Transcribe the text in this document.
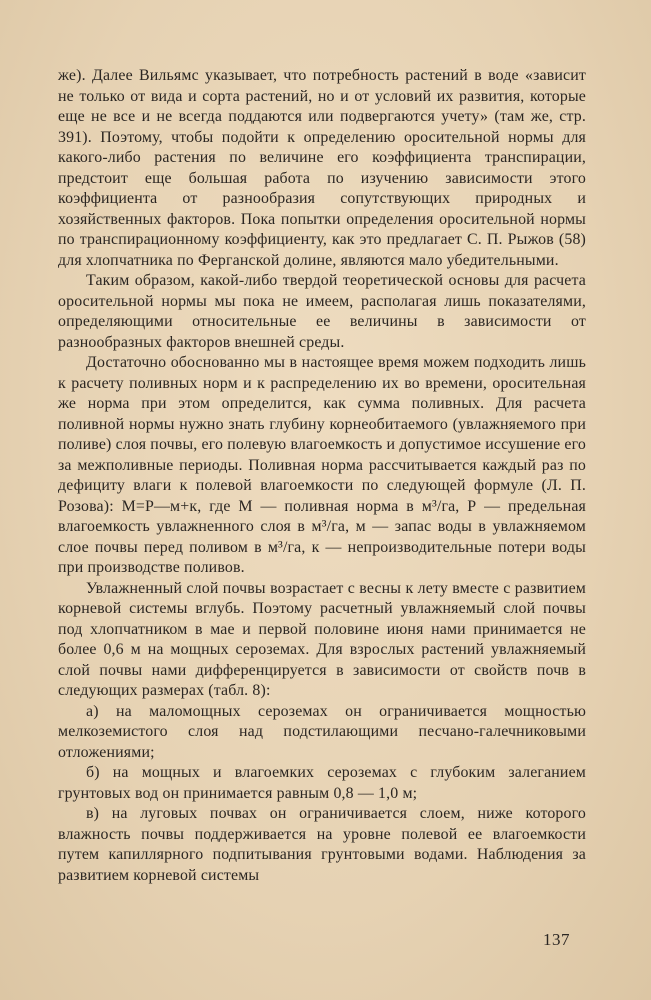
же). Далее Вильямс указывает, что потребность растений в воде «зависит не только от вида и сорта растений, но и от условий их развития, которые еще не все и не всегда поддаются или подвергаются учету» (там же, стр. 391). Поэтому, чтобы подойти к определению оросительной нормы для какого-либо растения по величине его коэффициента транспирации, предстоит еще большая работа по изучению зависимости этого коэффициента от разнообразия сопутствующих природных и хозяйственных факторов. Пока попытки определения оросительной нормы по транспирационному коэффициенту, как это предлагает С. П. Рыжов (58) для хлопчатника по Ферганской долине, являются мало убедительными.

Таким образом, какой-либо твердой теоретической основы для расчета оросительной нормы мы пока не имеем, располагая лишь показателями, определяющими относительные ее величины в зависимости от разнообразных факторов внешней среды.

Достаточно обоснованно мы в настоящее время можем подходить лишь к расчету поливных норм и к распределению их во времени, оросительная же норма при этом определится, как сумма поливных. Для расчета поливной нормы нужно знать глубину корнеобитаемого (увлажняемого при поливе) слоя почвы, его полевую влагоемкость и допустимое иссушение его за межполивные периоды. Поливная норма рассчитывается каждый раз по дефициту влаги к полевой влагоемкости по следующей формуле (Л. П. Розова): М=Р—м+к, где М — поливная норма в м³/га, Р — предельная влагоемкость увлажненного слоя в м³/га, м — запас воды в увлажняемом слое почвы перед поливом в м³/га, к — непроизводительные потери воды при производстве поливов.

Увлажненный слой почвы возрастает с весны к лету вместе с развитием корневой системы вглубь. Поэтому расчетный увлажняемый слой почвы под хлопчатником в мае и первой половине июня нами принимается не более 0,6 м на мощных сероземах. Для взрослых растений увлажняемый слой почвы нами дифференцируется в зависимости от свойств почв в следующих размерах (табл. 8):

а) на маломощных сероземах он ограничивается мощностью мелкоземистого слоя над подстилающими песчано-галечниковыми отложениями;

б) на мощных и влагоемких сероземах с глубоким залеганием грунтовых вод он принимается равным 0,8 — 1,0 м;

в) на луговых почвах он ограничивается слоем, ниже которого влажность почвы поддерживается на уровне полевой ее влагоемкости путем капиллярного подпитывания грунтовыми водами. Наблюдения за развитием корневой системы

137
